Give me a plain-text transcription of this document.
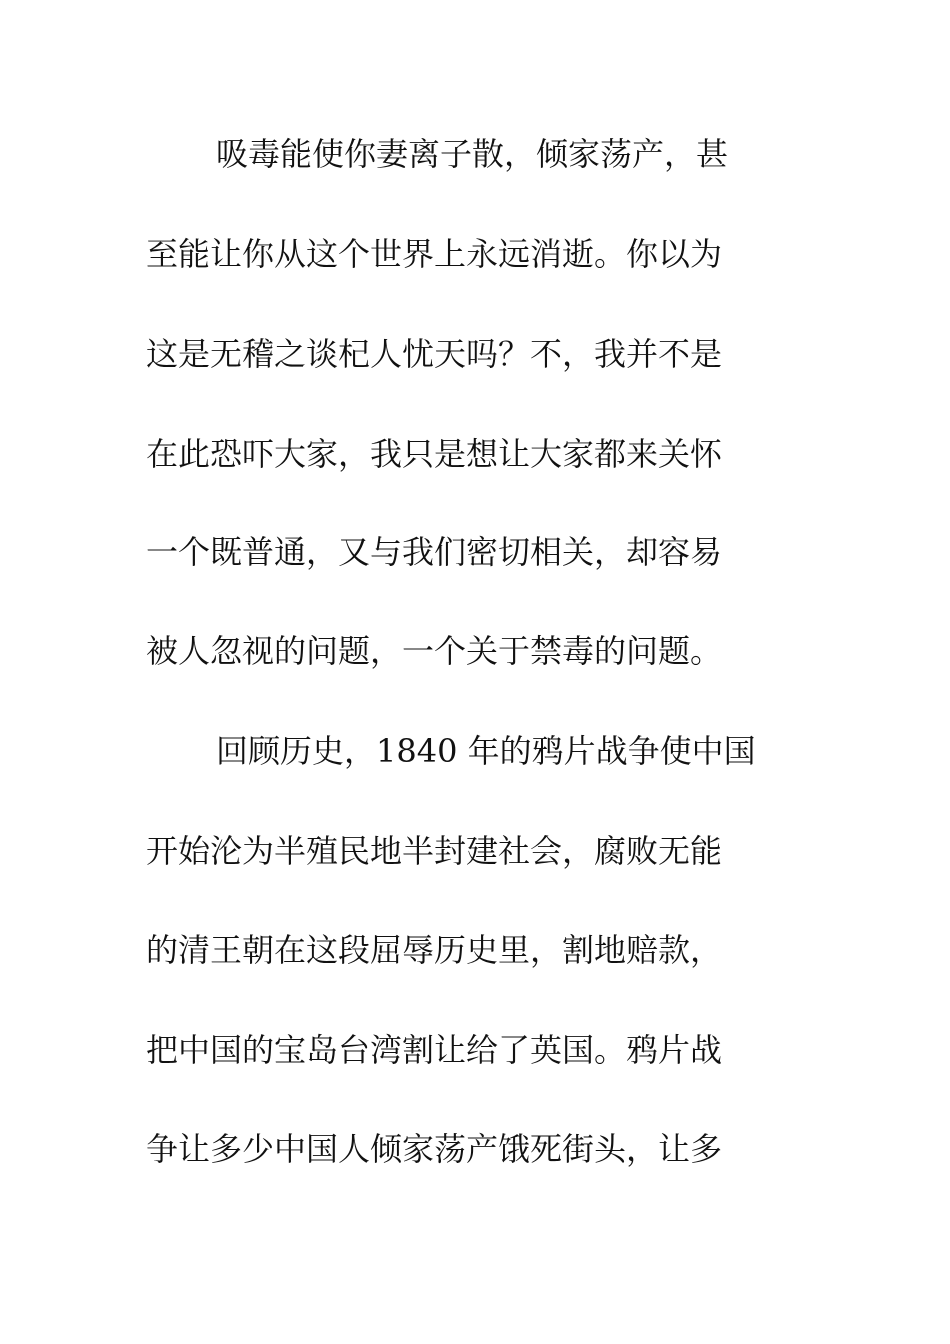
吸毒能使你妻离子散，倾家荡产，甚
至能让你从这个世界上永远消逝。你以为
这是无稽之谈杞人忧天吗？不，我并不是
在此恐吓大家，我只是想让大家都来关怀
一个既普通，又与我们密切相关，却容易
被人忽视的问题，一个关于禁毒的问题。
回顾历史，1840 年的鸦片战争使中国
开始沦为半殖民地半封建社会，腐败无能
的清王朝在这段屈辱历史里，割地赔款，
把中国的宝岛台湾割让给了英国。鸦片战
争让多少中国人倾家荡产饿死街头，让多
